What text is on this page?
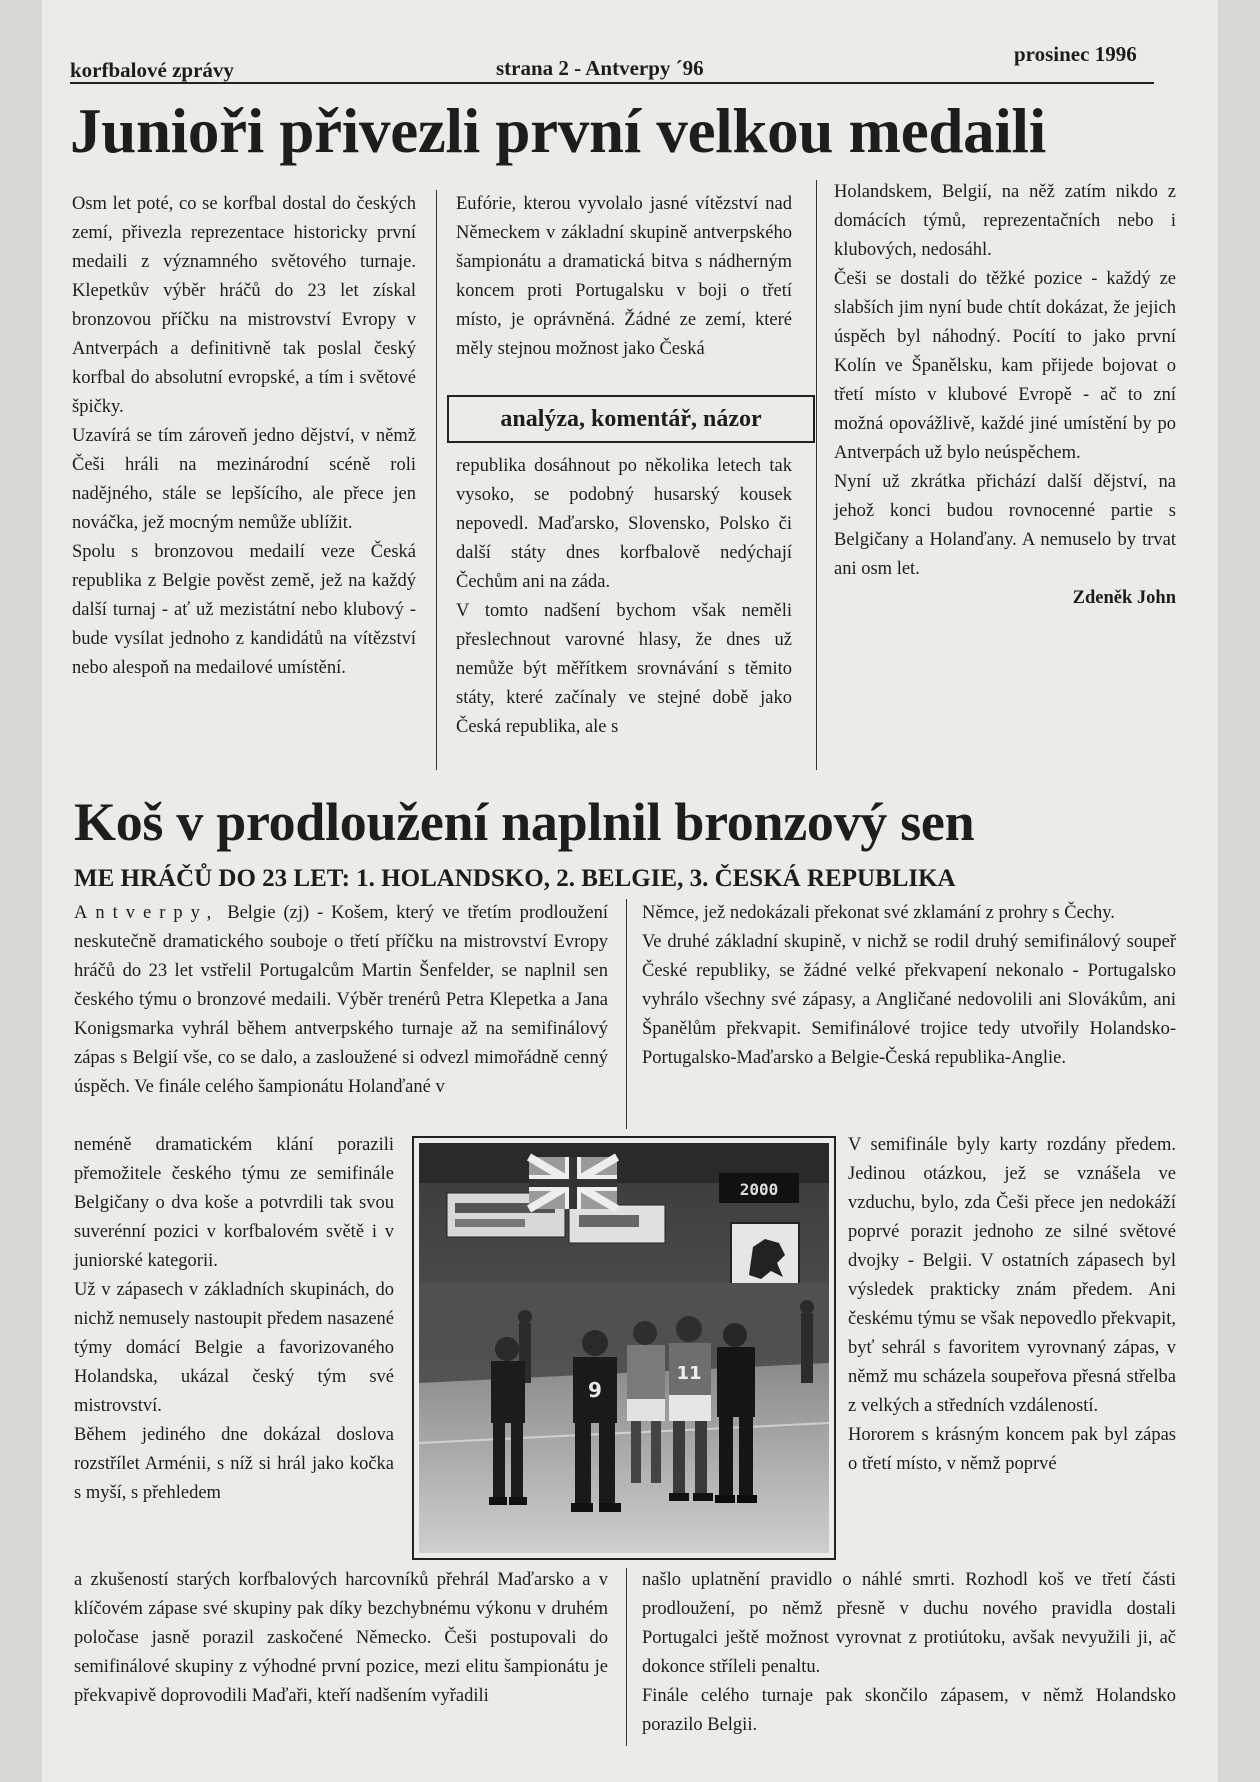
korfbalové zprávy	strana 2 - Antverpy ´96
prosinec 1996
Junioři přivezli první velkou medaili

Osm let poté, co se korfbal dostal do českých zemí, přivezla reprezentace historicky první medaili z významného světového turnaje. Klepetkův výběr hráčů do 23 let získal bronzovou příčku na mistrovství Evropy v Antverpách a definitivně tak poslal český korfbal do absolutní evropské, a tím i světové špičky.

Uzavírá se tím zároveň jedno dějství, v němž Češi hráli na mezinárodní scéně roli nadějného, stále se lepšícího, ale přece jen nováčka, jež mocným nemůže ublížit.

Spolu s bronzovou medailí veze Česká republika z Belgie pověst země, jež na každý další turnaj - ať už mezistátní nebo klubový - bude vysílat jednoho z kandidátů na vítězství nebo alespoň na medailové umístění.

Eufórie, kterou vyvolalo jasné vítězství nad Německem v základní skupině antverpského šampionátu a dramatická bitva s nádherným koncem proti Portugalsku v boji o třetí místo, je oprávněná. Žádné ze zemí, které měly stejnou možnost jako Česká

analýza, komentář, názor

republika dosáhnout po několika letech tak vysoko, se podobný husarský kousek nepovedl. Maďarsko, Slovensko, Polsko či další státy dnes korfbalově nedýchají Čechům ani na záda.

V tomto nadšení bychom však neměli přeslechnout varovné hlasy, že dnes už nemůže být měřítkem srovnávání s těmito státy, které začínaly ve stejné době jako Česká republika, ale s

Holandskem, Belgií, na něž zatím nikdo z domácích týmů, reprezentačních nebo i klubových, nedosáhl.

Češi se dostali do těžké pozice - každý ze slabších jim nyní bude chtít dokázat, že jejich úspěch byl náhodný. Pocítí to jako první Kolín ve Španělsku, kam přijede bojovat o třetí místo v klubové Evropě - ač to zní možná opovážlivě, každé jiné umístění by po Antverpách už bylo neúspěchem.

Nyní už zkrátka přichází další dějství, na jehož konci budou rovnocenné partie s Belgičany a Holanďany. A nemuselo by trvat ani osm let.

Zdeněk John

Koš v prodloužení naplnil bronzový sen
ME HRÁČŮ DO 23 LET: 1. HOLANDSKO, 2. BELGIE, 3. ČESKÁ REPUBLIKA

Antverpy, Belgie (zj) - Košem, který ve třetím prodloužení neskutečně dramatického souboje o třetí příčku na mistrovství Evropy hráčů do 23 let vstřelil Portugalcům Martin Šenfelder, se naplnil sen českého týmu o bronzové medaili. Výběr trenérů Petra Klepetka a Jana Konigsmarka vyhrál během antverpského turnaje až na semifinálový zápas s Belgií vše, co se dalo, a zasloužené si odvezl mimořádně cenný úspěch. Ve finále celého šampionátu Holanďané v

neméně dramatickém klání porazili přemožitele českého týmu ze semifinále Belgičany o dva koše a potvrdili tak svou suverénní pozici v korfbalovém světě i v juniorské kategorii.

Už v zápasech v základních skupinách, do nichž nemusely nastoupit předem nasazené týmy domácí Belgie a favorizovaného Holandska, ukázal český tým své mistrovství.

Během jediného dne dokázal doslova rozstřílet Arménii, s níž si hrál jako kočka s myší, s přehledem

a zkušeností starých korfbalových harcovníků přehrál Maďarsko a v klíčovém zápase své skupiny pak díky bezchybnému výkonu v druhém poločase jasně porazil zaskočené Německo. Češi postupovali do semifinálové skupiny z výhodné první pozice, mezi elitu šampionátu je překvapivě doprovodili Maďaři, kteří nadšením vyřadili

Němce, jež nedokázali překonat své zklamání z prohry s Čechy.

Ve druhé základní skupině, v nichž se rodil druhý semifinálový soupeř České republiky, se žádné velké překvapení nekonalo - Portugalsko vyhrálo všechny své zápasy, a Angličané nedovolili ani Slovákům, ani Španělům překvapit. Semifinálové trojice tedy utvořily Holandsko-Portugalsko-Maďarsko a Belgie-Česká republika-Anglie.

V semifinále byly karty rozdány předem. Jedinou otázkou, jež se vznášela ve vzduchu, bylo, zda Češi přece jen nedokáží poprvé porazit jednoho ze silné světové dvojky - Belgii. V ostatních zápasech byl výsledek prakticky znám předem. Ani českému týmu se však nepovedlo překvapit, byť sehrál s favoritem vyrovnaný zápas, v němž mu scházela soupeřova přesná střelba z velkých a středních vzdáleností.

Hororem s krásným koncem pak byl zápas o třetí místo, v němž poprvé

našlo uplatnění pravidlo o náhlé smrti. Rozhodl koš ve třetí části prodloužení, po němž přesně v duchu nového pravidla dostali Portugalci ještě možnost vyrovnat z protiútoku, avšak nevyužili ji, ač dokonce stříleli penaltu.

Finále celého turnaje pak skončilo zápasem, v němž Holandsko porazilo Belgii.

2000
9
11
